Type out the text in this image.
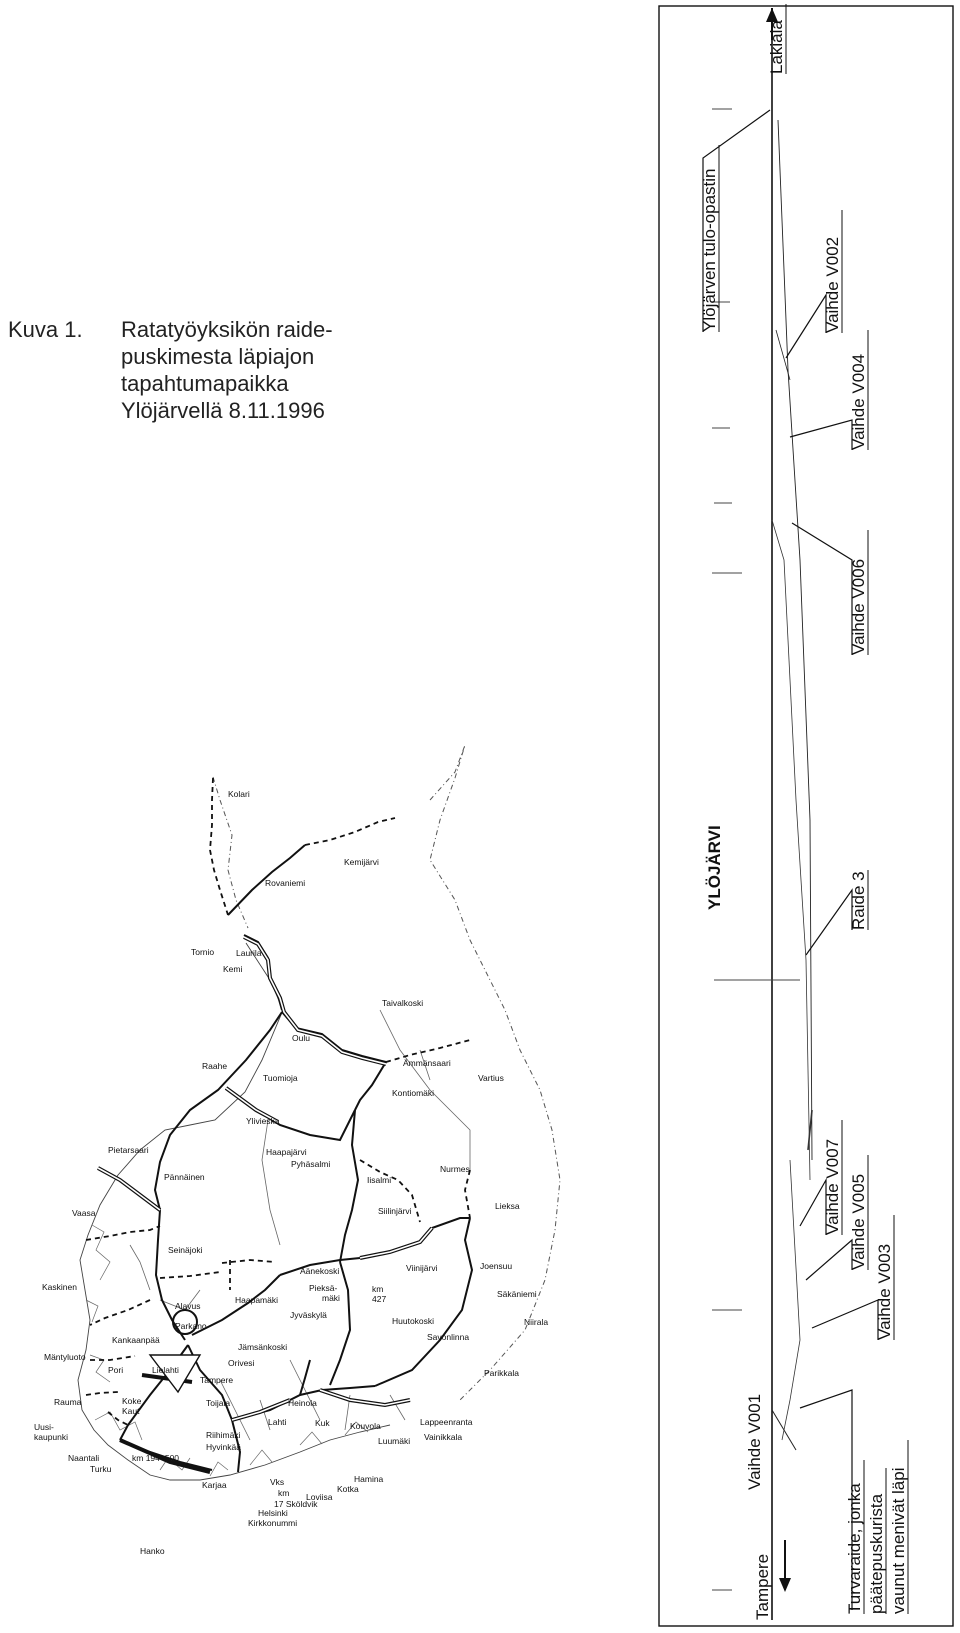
Kuva 1. Ratatyöyksikön raide-
puskimesta läpiajon
tapahtumapaikka
Ylöjärvellä 8.11.1996
Kolari
Rovaniemi
Kemijärvi
Tornio	Laurila
Kemi
Taivalkoski
Oulu
Ämmänsaari
Raahe
Tuomioja	Vartius
Kontiomäki
Ylivieska
Pietarsaari	Haapajärvi
Pyhäsalmi	Nurmes
Pännäinen	Iisalmi
Vaasa	Siilinjärvi	Lieksa
Seinäjoki
Äänekoski	Viinijärvi	Joensuu
Kaskinen	Pieksä-
mäki
km
427	Säkäniemi
Alavus
Haapamäki
Jyväskylä
Huutokoski	Niirala
Parkano
Savonlinna
Kankaanpää
Jämsänkoski
Mäntyluoto
Pori	Lielahti
Orivesi
Parikkala
Tampere
Rauma	Koke
Kaut
Toijala	Heinola
Uusi-
kaupunki
Lahti	Kouvola	Lappeenranta
Kuk
Luumäki Vainikkala
Riihimäki
Naantali
Hyvinkää
Turku
km 194+500
Hamina
Kotka
Karjaa	Vks
km Loviisa
17 Sköldvik
Helsinki
Kirkkonummi
Hanko
Lakiala
Ylöjärven tulo-opastin	Vaihde V002
Vaihde V004
Vaihde V006
YLÖJÄRVI	Raide 3
Vaihde V007 Vaihde V005
Vaihde V003
Vaihde V001
Tampere	Turvaraide, jonka päätepuskurista vaunut menivät läpi
